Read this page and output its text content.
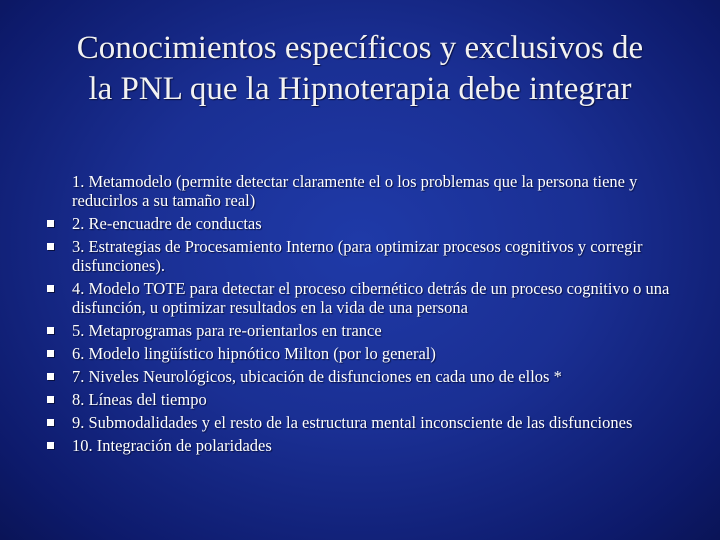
Conocimientos específicos y exclusivos de
la PNL que la Hipnoterapia debe integrar
1. Metamodelo (permite detectar claramente el o los problemas que la persona tiene y reducirlos a su tamaño real)
2. Re-encuadre de conductas
3. Estrategias de Procesamiento Interno (para optimizar procesos cognitivos y corregir disfunciones).
4. Modelo TOTE para detectar el proceso cibernético detrás de un proceso cognitivo o una disfunción, u optimizar resultados en la vida de una persona
5. Metaprogramas para re-orientarlos en trance
6. Modelo lingüístico hipnótico Milton (por lo general)
7. Niveles Neurológicos, ubicación de disfunciones en cada uno de ellos *
8. Líneas del tiempo
9. Submodalidades y el resto de la estructura mental inconsciente de las disfunciones
10. Integración de polaridades
